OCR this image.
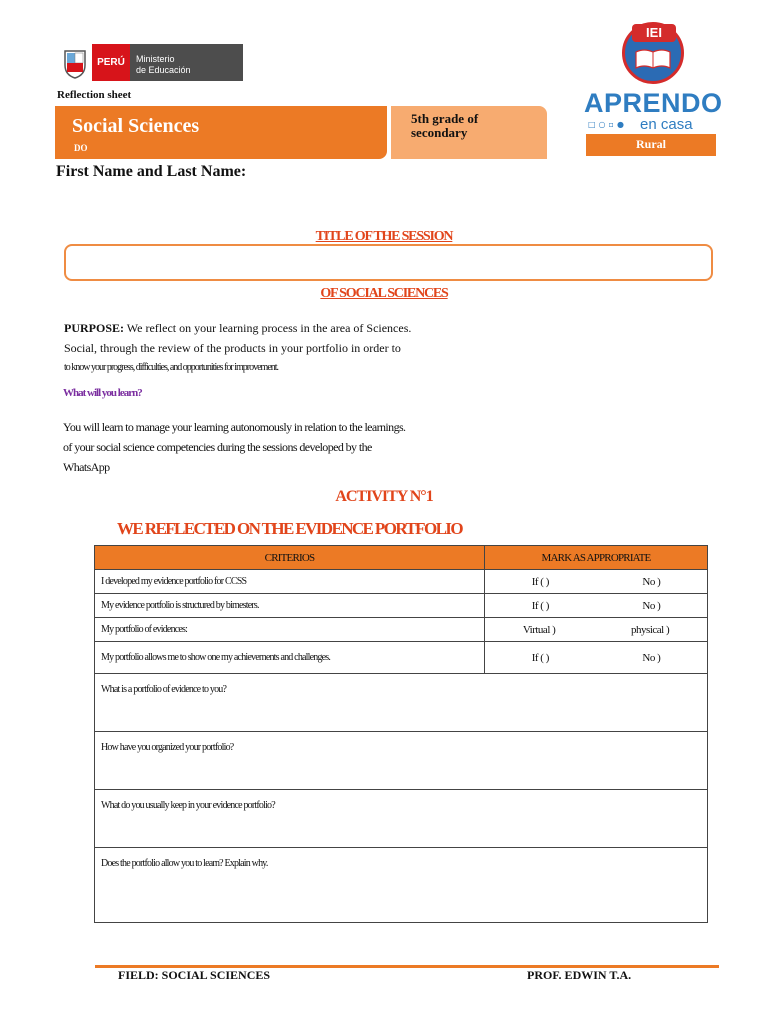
PERÚ	Ministerio
de Educación
Reflection sheet
Social Sciences
DO
5th grade of
secondary
IEI
APRENDO
□○▫● en casa
Rural
First Name and Last Name:
TITLE OF THE SESSION
OF SOCIAL SCIENCES
PURPOSE: We reflect on your learning process in the area of Sciences.
Social, through the review of the products in your portfolio in order to
to know your progress, difficulties, and opportunities for improvement.
What will you learn?
You will learn to manage your learning autonomously in relation to the learnings.
of your social science competencies during the sessions developed by the
WhatsApp
ACTIVITY N°1
WE REFLECTED ON THE EVIDENCE PORTFOLIO
CRITERIOS	MARK AS APPROPRIATE
I developed my evidence portfolio for CCSS	If ( ) No )

My evidence portfolio is structured by bimesters.	If ( ) No )

My portfolio of evidences:	Virtual ) physical )

My portfolio allows me to show one my achievements and challenges.	If ( ) No )

What is a portfolio of evidence to you?	
How have you organized your portfolio?	
What do you usually keep in your evidence portfolio?	
Does the portfolio allow you to learn? Explain why.	
FIELD: SOCIAL SCIENCES	PROF. EDWIN T.A.
